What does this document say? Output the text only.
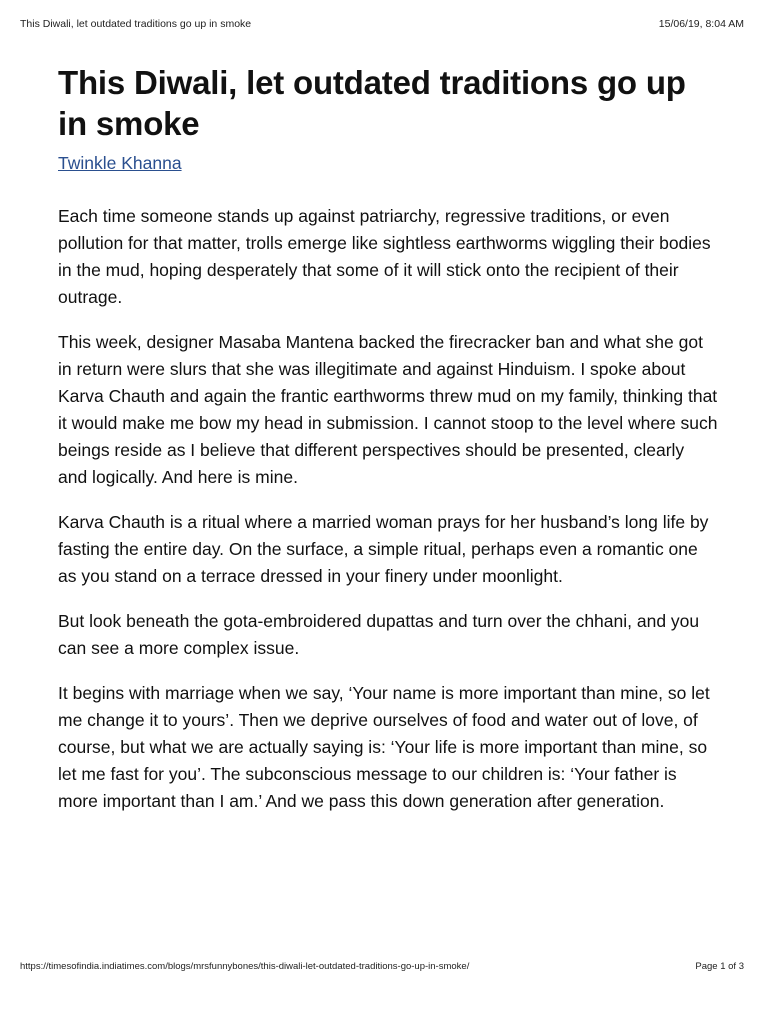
This Diwali, let outdated traditions go up in smoke	15/06/19, 8:04 AM
This Diwali, let outdated traditions go up in smoke
Twinkle Khanna

Each time someone stands up against patriarchy, regressive traditions, or even pollution for that matter, trolls emerge like sightless earthworms wiggling their bodies in the mud, hoping desperately that some of it will stick onto the recipient of their outrage.

This week, designer Masaba Mantena backed the firecracker ban and what she got in return were slurs that she was illegitimate and against Hinduism. I spoke about Karva Chauth and again the frantic earthworms threw mud on my family, thinking that it would make me bow my head in submission. I cannot stoop to the level where such beings reside as I believe that different perspectives should be presented, clearly and logically. And here is mine.

Karva Chauth is a ritual where a married woman prays for her husband’s long life by fasting the entire day. On the surface, a simple ritual, perhaps even a romantic one as you stand on a terrace dressed in your finery under moonlight.

But look beneath the gota-embroidered dupattas and turn over the chhani, and you can see a more complex issue.

It begins with marriage when we say, ‘Your name is more important than mine, so let me change it to yours’. Then we deprive ourselves of food and water out of love, of course, but what we are actually saying is: ‘Your life is more important than mine, so let me fast for you’. The subconscious message to our children is: ‘Your father is more important than I am.’ And we pass this down generation after generation.

https://timesofindia.indiatimes.com/blogs/mrsfunnybones/this-diwali-let-outdated-traditions-go-up-in-smoke/	Page 1 of 3
